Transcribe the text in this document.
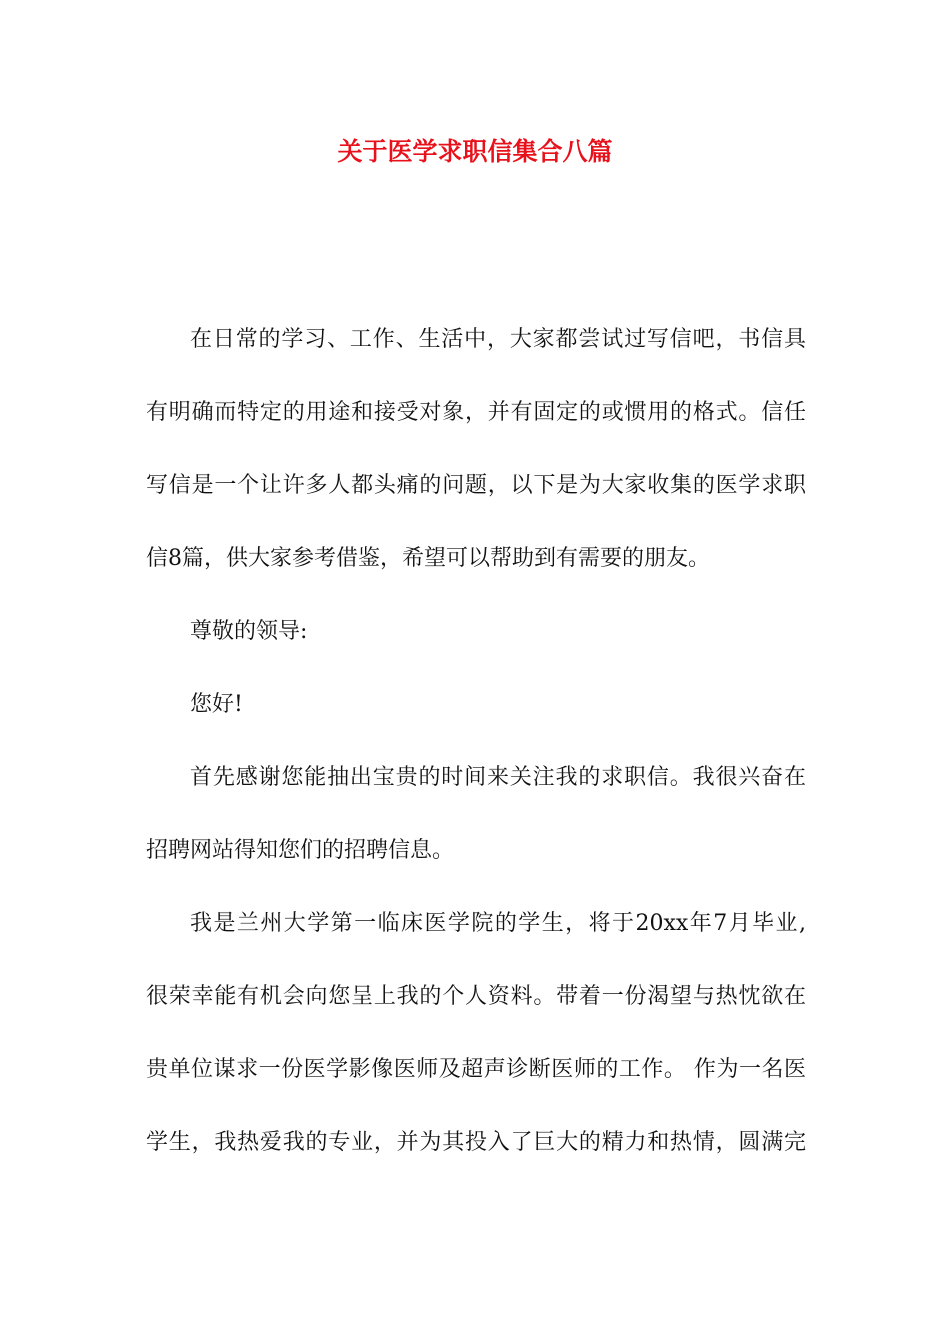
关于医学求职信集合八篇
在日常的学习、工作、生活中，大家都尝试过写信吧，书信具
有明确而特定的用途和接受对象，并有固定的或惯用的格式。信任
写信是一个让许多人都头痛的问题，以下是为大家收集的医学求职
信8篇，供大家参考借鉴，希望可以帮助到有需要的朋友。
尊敬的领导:
您好!
首先感谢您能抽出宝贵的时间来关注我的求职信。我很兴奋在
招聘网站得知您们的招聘信息。
我是兰州大学第一临床医学院的学生，将于20xx年7月毕业,
很荣幸能有机会向您呈上我的个人资料。带着一份渴望与热忱欲在
贵单位谋求一份医学影像医师及超声诊断医师的工作。 作为一名医
学生，我热爱我的专业，并为其投入了巨大的精力和热情，圆满完
